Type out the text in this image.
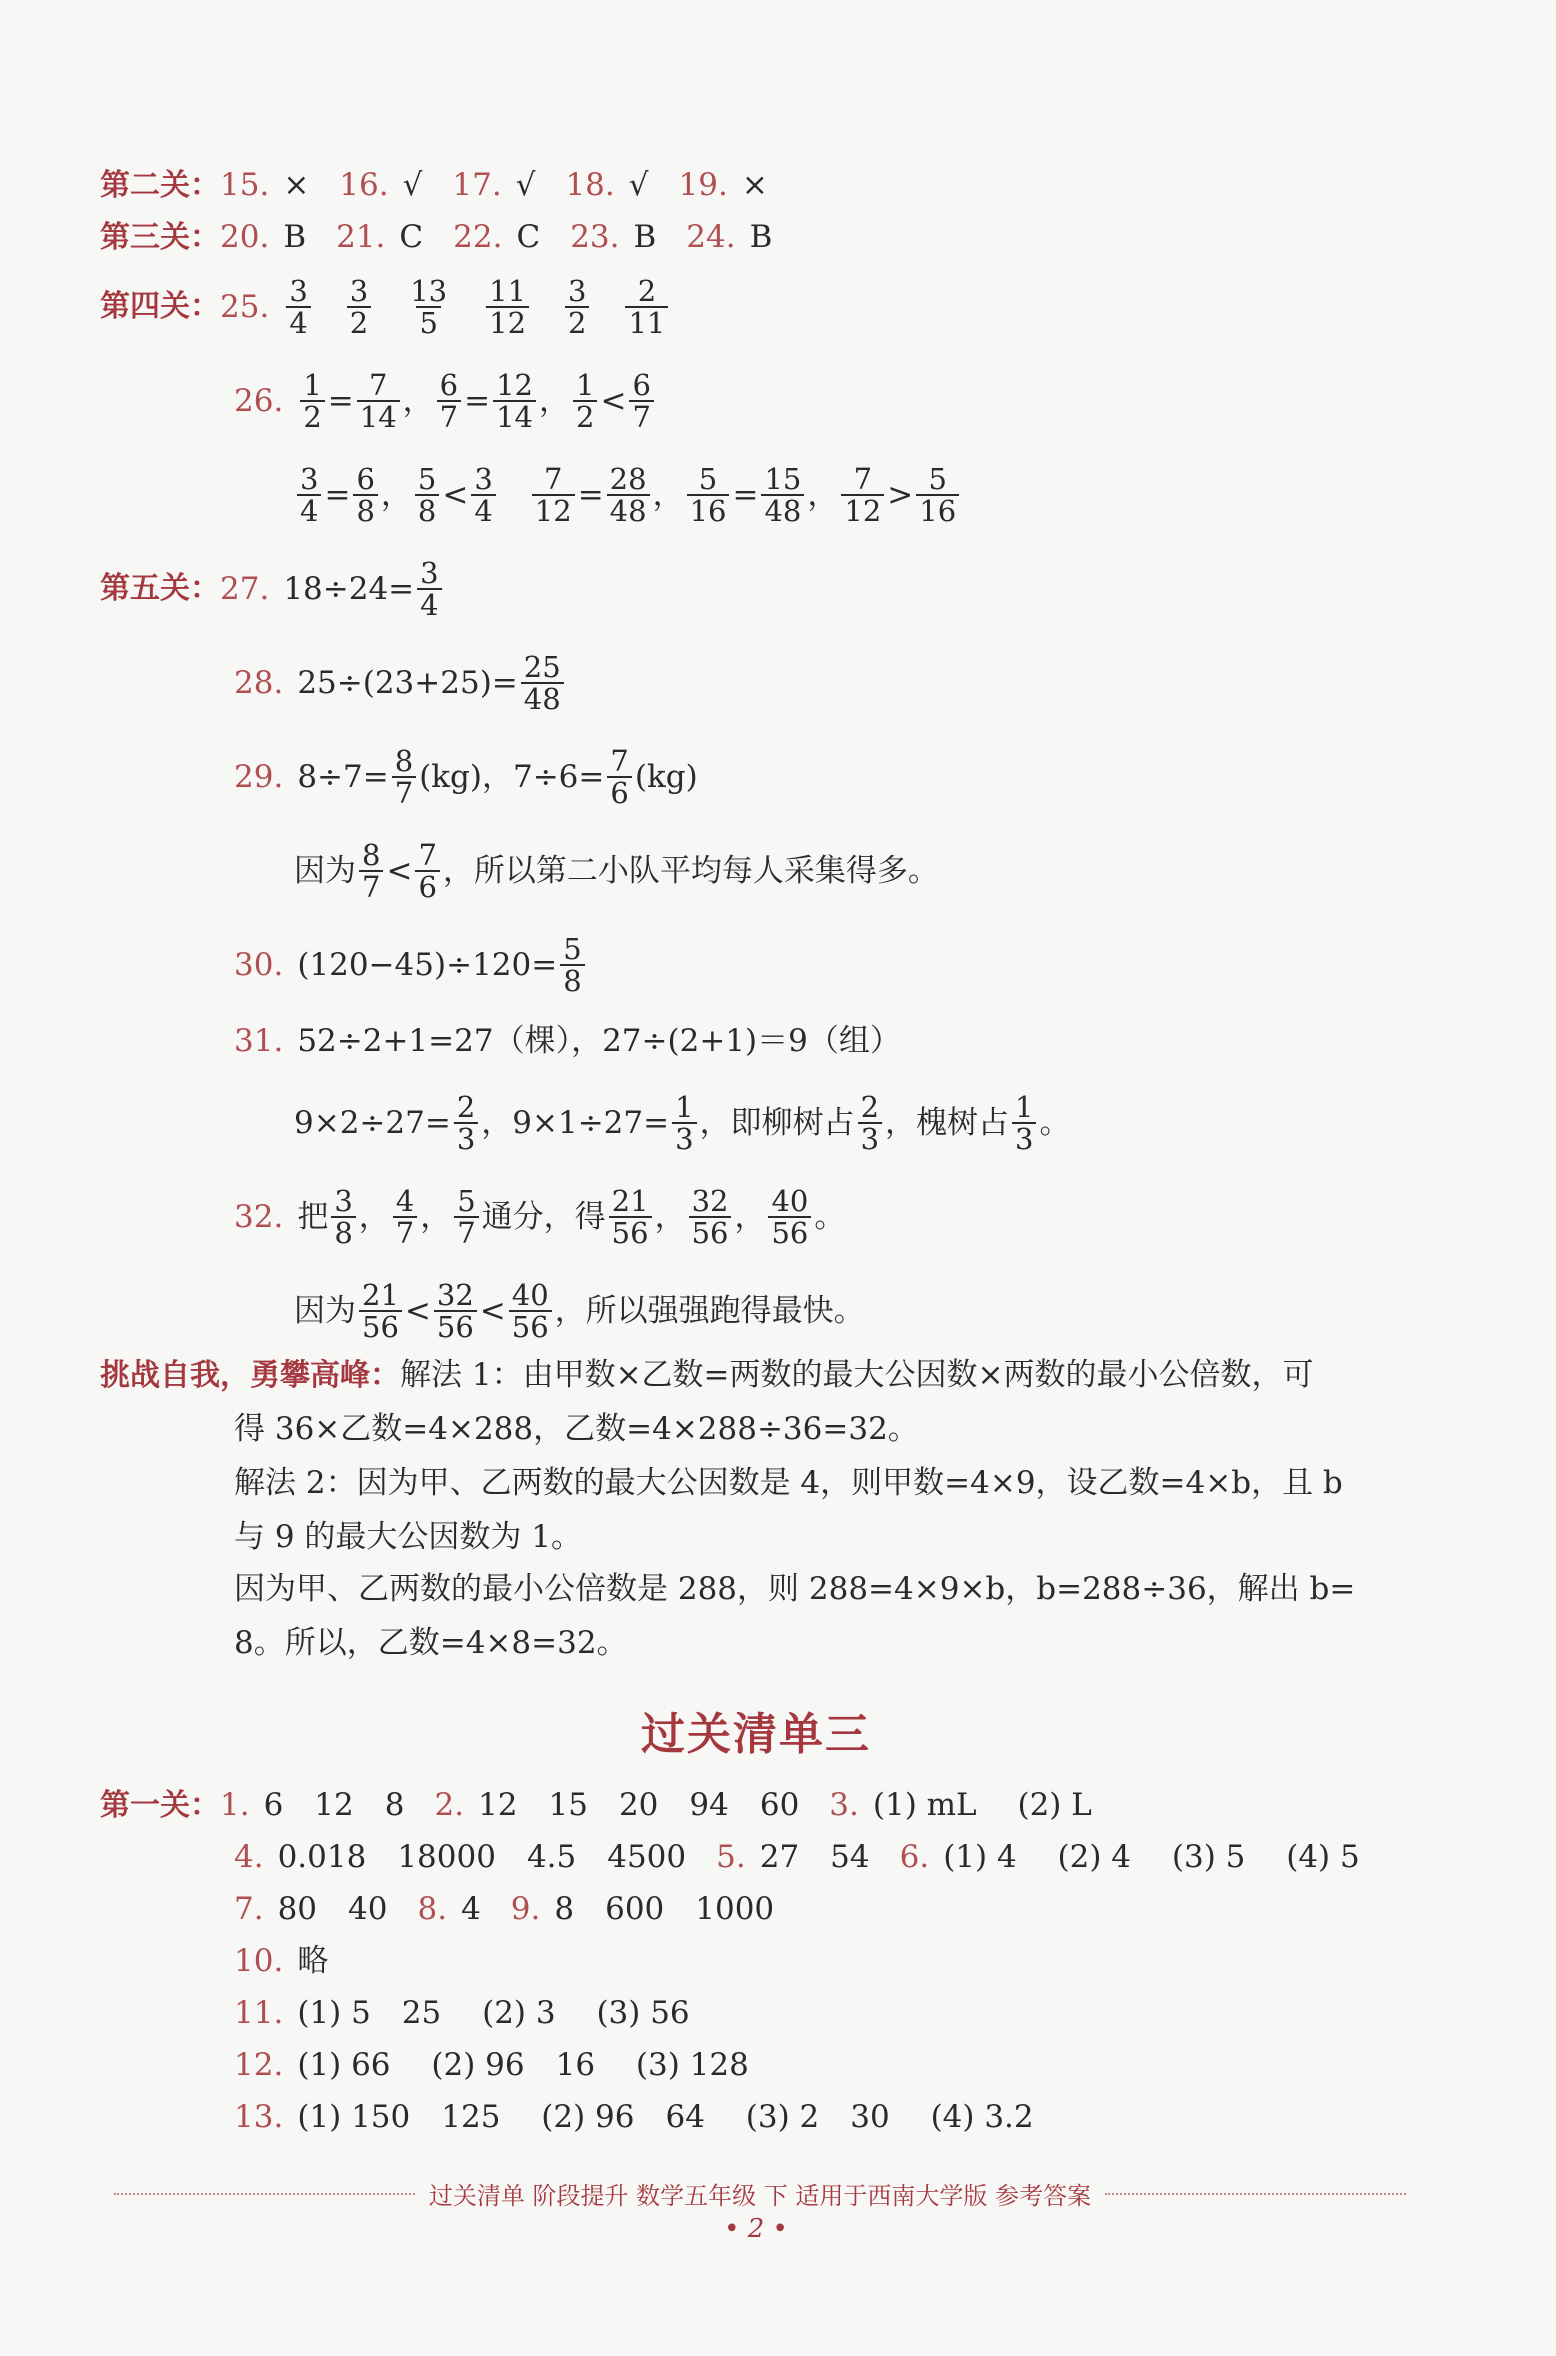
第二关： 15. × 16. √ 17. √ 18. √ 19. ×
第三关： 20. B 21. C 22. C 23. B 24. B
第四关： 25. $\frac{3}{4} \frac{3}{2} \frac{13}{5} \frac{11}{12} \frac{3}{2} \frac{2}{11}$
26. $\frac{1}{2} = \frac{7}{14}$ ， $\frac{6}{7} = \frac{12}{14}$ ， $\frac{1}{2} < \frac{6}{7}$
$\frac{3}{4} = \frac{6}{8}$ ， $\frac{5}{8} < \frac{3}{4} \frac{7}{12} = \frac{28}{48}$ ， $\frac{5}{16} = \frac{15}{48}$ ， $\frac{7}{12} > \frac{5}{16}$
第五关： 27. $18\div 24= \frac{3}{4}$
28. $25\div(23+25)= \frac{25}{48}$
29. $8\div 7= \frac{8}{7} (kg)$，$7\div 6= \frac{7}{6} (kg)$
因为 $\frac{8}{7} < \frac{7}{6}$ ，所以第二小队平均每人采集得多。
30. $(120-45)\div 120= \frac{5}{8}$
31. 52÷2+1=27（棵），27÷(2+1)＝9（组）
$9\times 2\div 27= \frac{2}{3}$ ，$9\times 1\div 27= \frac{1}{3}$ ，即柳树占 $\frac{2}{3}$ ，槐树占 $\frac{1}{3}$ 。
32. 把 $\frac{3}{8}$ ， $\frac{4}{7}$ ， $\frac{5}{7}$ 通分，得 $\frac{21}{56}$ ， $\frac{32}{56}$ ， $\frac{40}{56}$ 。
因为 $\frac{21}{56} < \frac{32}{56} < \frac{40}{56}$ ，所以强强跑得最快。
挑战自我，勇攀高峰： 解法 1：由甲数×乙数=两数的最大公因数×两数的最小公倍数，可
得 36×乙数=4×288，乙数=4×288÷36=32。
解法 2：因为甲、乙两数的最大公因数是 4，则甲数=4×9，设乙数=4×b，且 b
与 9 的最大公因数为 1。
因为甲、乙两数的最小公倍数是 288，则 288=4×9×b，b=288÷36，解出 b=
8。所以，乙数=4×8=32。
过关清单三
第一关： 1. 6　12　8 2. 12　15　20　94　60 3. (1) mL　 (2) L
4. 0.018　18000　4.5　4500 5. 27　54 6. (1) 4　 (2) 4　 (3) 5　 (4) 5
7. 80　40 8. 4 9. 8　600　1000
10. 略
11. (1) 5　25　 (2) 3　 (3) 56
12. (1) 66　 (2) 96　16　 (3) 128
13. (1) 150　125　 (2) 96　64　 (3) 2　30　 (4) 3.2
过关清单 阶段提升 数学五年级 下 适用于西南大学版 参考答案
• 2 •
